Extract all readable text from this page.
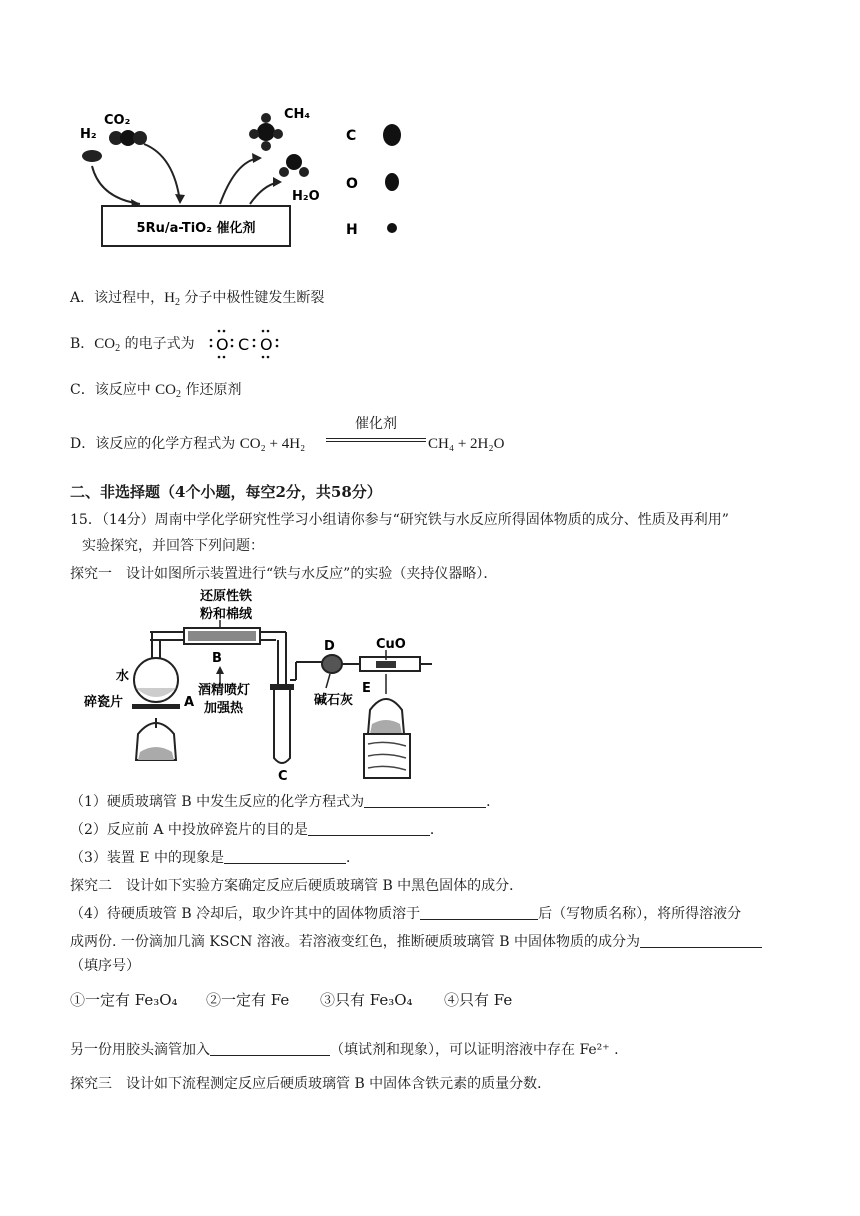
H₂
CO₂
5Ru/a-TiO₂ 催化剂
CH₄
H₂O
C
O
H
A．该过程中，$H_2$ 分子中极性键发生断裂
B．$CO_2$ 的电子式为 O C O
C．该反应中 $CO_2$ 作还原剂
D．该反应的化学方程式为 CO₂ + 4H₂
催化剂
CH₄ + 2H₂O
二、非选择题（4个小题，每空2分，共58分）
15．（14分）周南中学化学研究性学习小组请你参与“研究铁与水反应所得固体物质的成分、性质及再利用”
实验探究，并回答下列问题：
探究一　设计如图所示装置进行“铁与水反应”的实验（夹持仪器略）．
还原性铁
粉和棉绒
B
酒精喷灯
加强热
水
碎瓷片	A
C
D
碱石灰
CuO
E
（1）硬质玻璃管 B 中发生反应的化学方程式为	．
（2）反应前 A 中投放碎瓷片的目的是	．
（3）装置 E 中的现象是	．
探究二　设计如下实验方案确定反应后硬质玻璃管 B 中黑色固体的成分．
（4）待硬质玻管 B 冷却后，取少许其中的固体物质溶于	后（写物质名称），将所得溶液分
成两份. 一份滴加几滴 KSCN 溶液。若溶液变红色，推断硬质玻璃管 B 中固体物质的成分为
（填序号）
①一定有 Fe₃O₄ ②一定有 Fe ③只有 Fe₃O₄ ④只有 Fe
另一份用胶头滴管加入	（填试剂和现象），可以证明溶液中存在 Fe²⁺ .
探究三　设计如下流程测定反应后硬质玻璃管 B 中固体含铁元素的质量分数．
